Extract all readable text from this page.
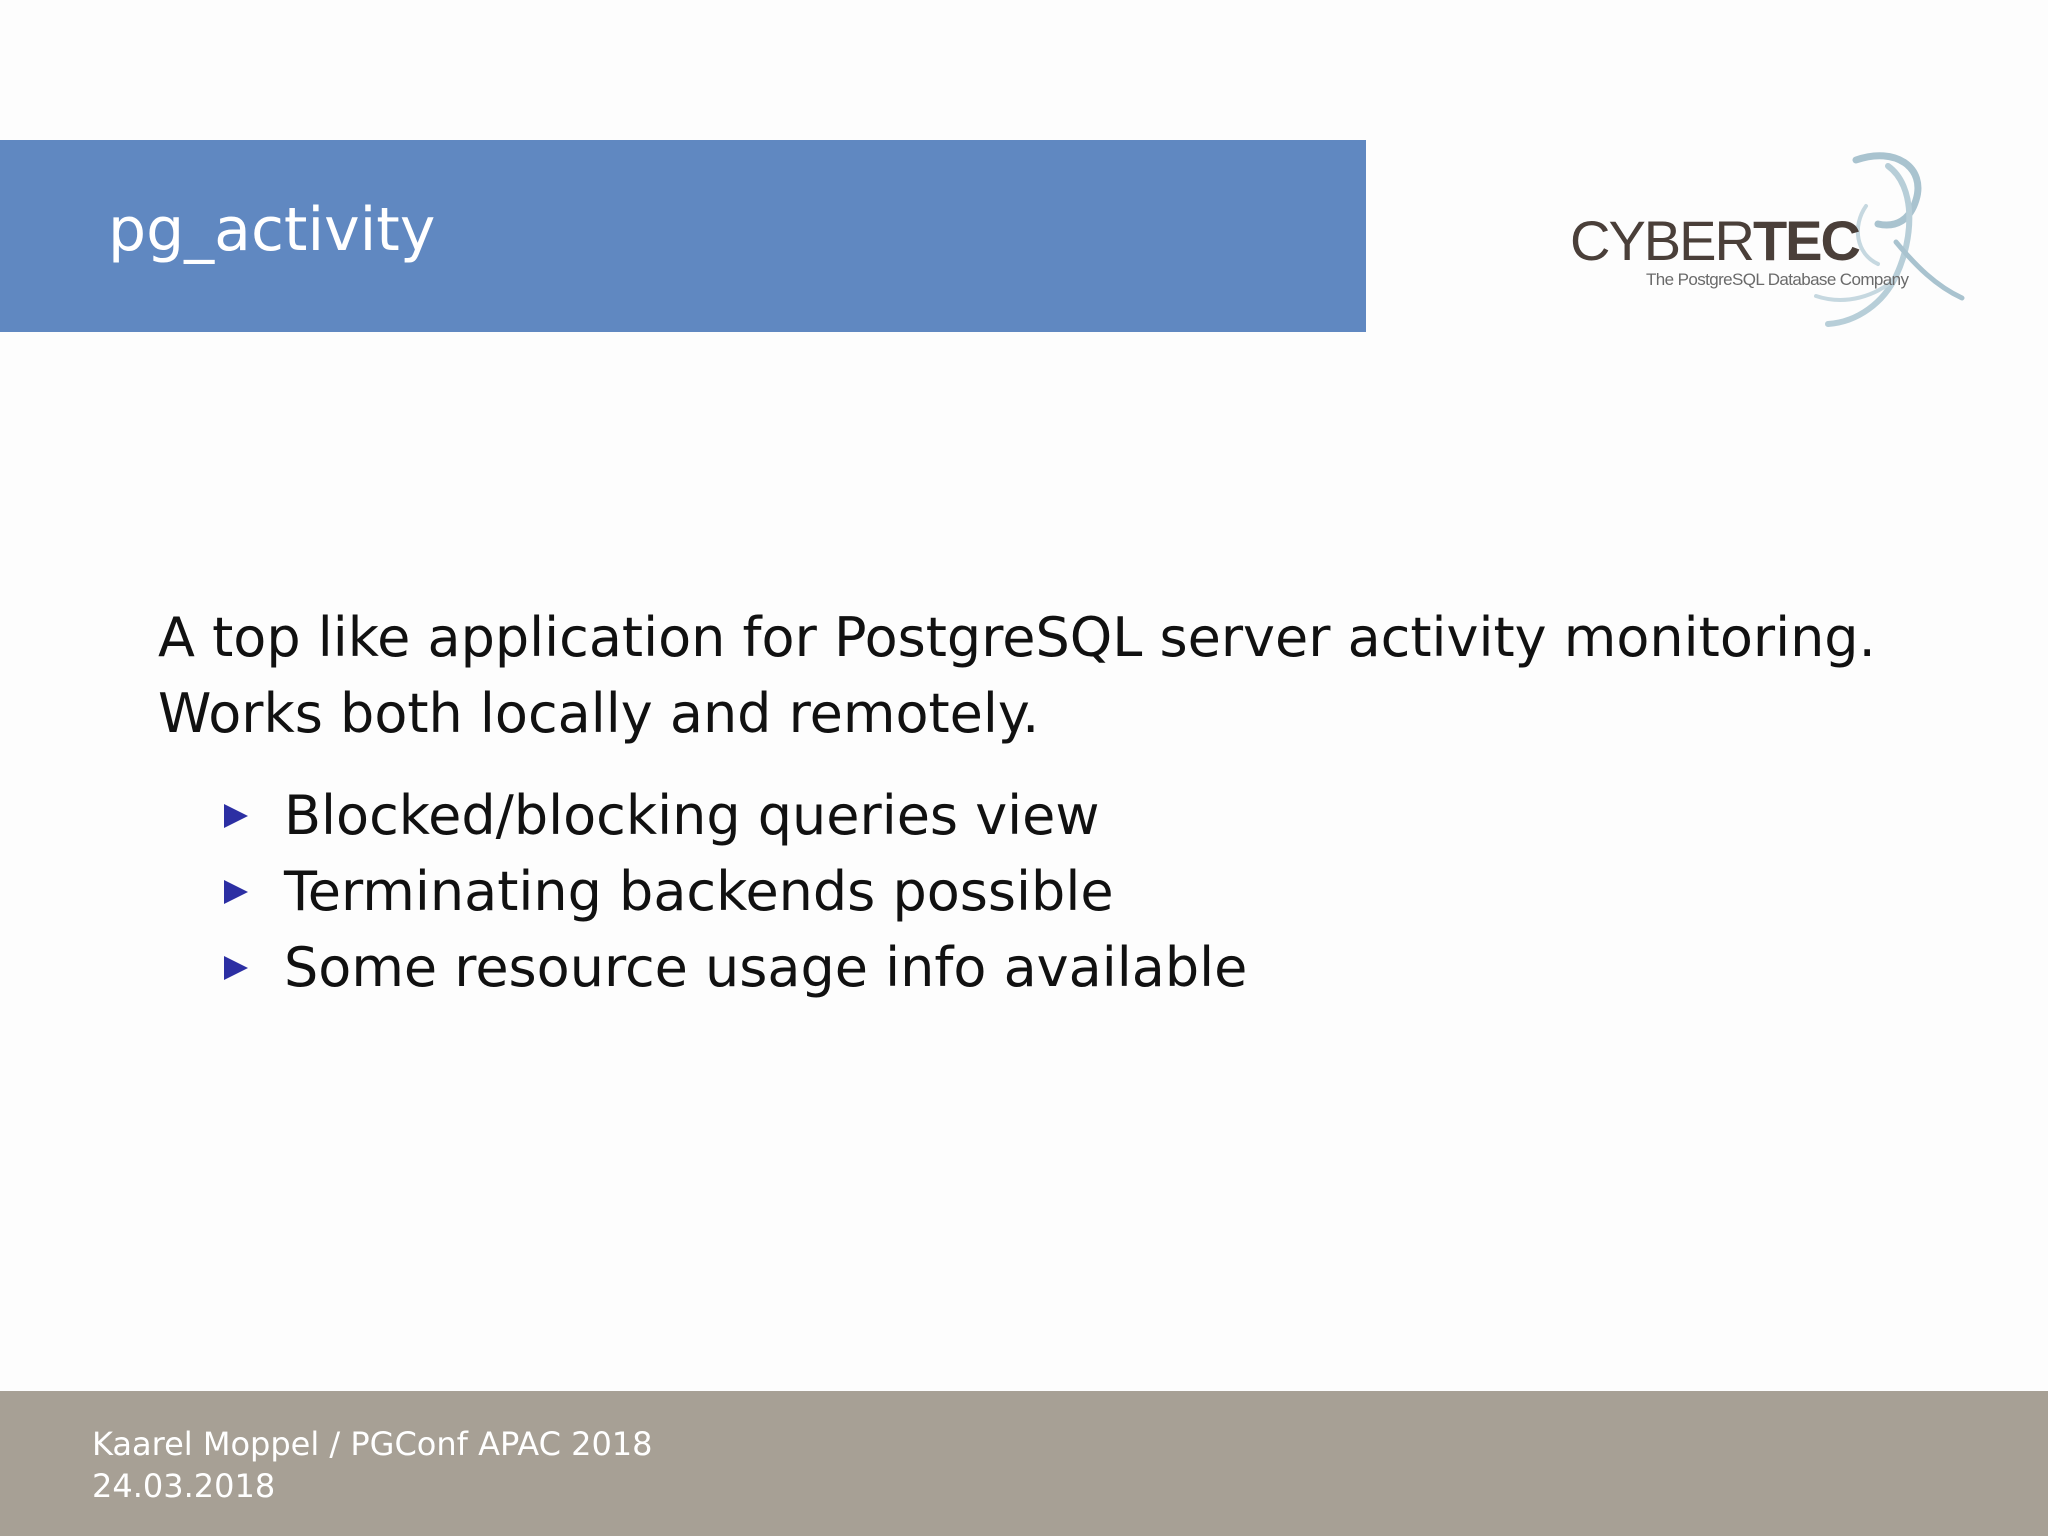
pg_activity	CYBERTEC
The PostgreSQL Database Company

A top like application for PostgreSQL server activity monitoring.

Works both locally and remotely.

Blocked/blocking queries view
Terminating backends possible
Some resource usage info available
Kaarel Moppel / PGConf APAC 2018
24.03.2018
